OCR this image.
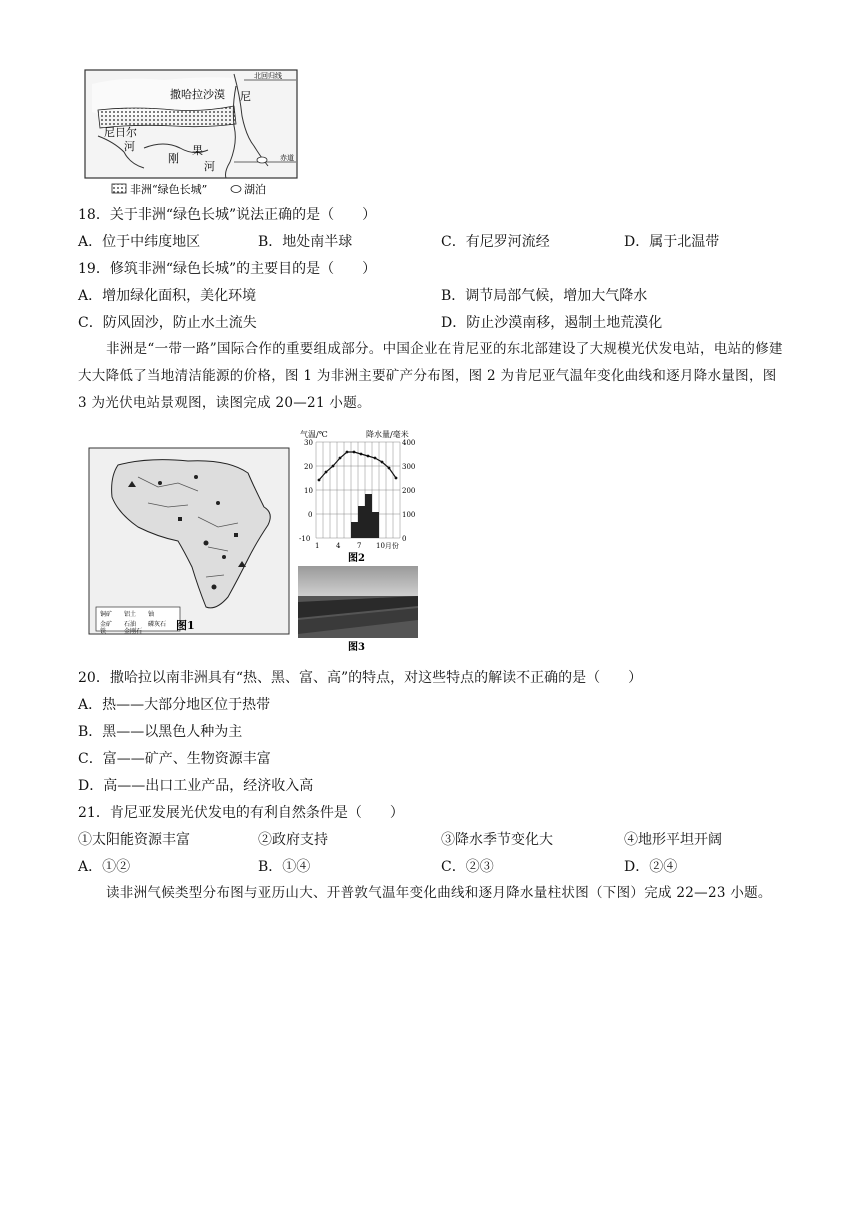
撒哈拉沙漠 尼
北回归线
尼日尔
河
刚
果
河
赤道
非洲“绿色长城”	湖泊
18．关于非洲“绿色长城”说法正确的是（　　）
A．位于中纬度地区	B．地处南半球	C．有尼罗河流经	D．属于北温带
19．修筑非洲“绿色长城”的主要目的是（　　）
A．增加绿化面积，美化环境	B．调节局部气候，增加大气降水
C．防风固沙，防止水土流失	D．防止沙漠南移，遏制土地荒漠化
非洲是“一带一路”国际合作的重要组成部分。中国企业在肯尼亚的东北部建设了大规模光伏发电站，电站的修建大大降低了当地清洁能源的价格，图 1 为非洲主要矿产分布图，图 2 为肯尼亚气温年变化曲线和逐月降水量图，图 3 为光伏电站景观图，读图完成 20—21 小题。
铜矿 铝土 铀
金矿 石油 磷灰石
铁	金刚石	图1
气温/℃	降水量/毫米
30
20
10
0
-10
400
300
200
100
0
1 4 7 10月份
图2
图3
20．撒哈拉以南非洲具有“热、黑、富、高”的特点，对这些特点的解读不正确的是（　　）
A．热——大部分地区位于热带
B．黑——以黑色人种为主
C．富——矿产、生物资源丰富
D．高——出口工业产品，经济收入高
21．肯尼亚发展光伏发电的有利自然条件是（　　）
①太阳能资源丰富	②政府支持	③降水季节变化大	④地形平坦开阔
A．①②	B．①④	C．②③	D．②④
读非洲气候类型分布图与亚历山大、开普敦气温年变化曲线和逐月降水量柱状图（下图）完成 22—23 小题。
